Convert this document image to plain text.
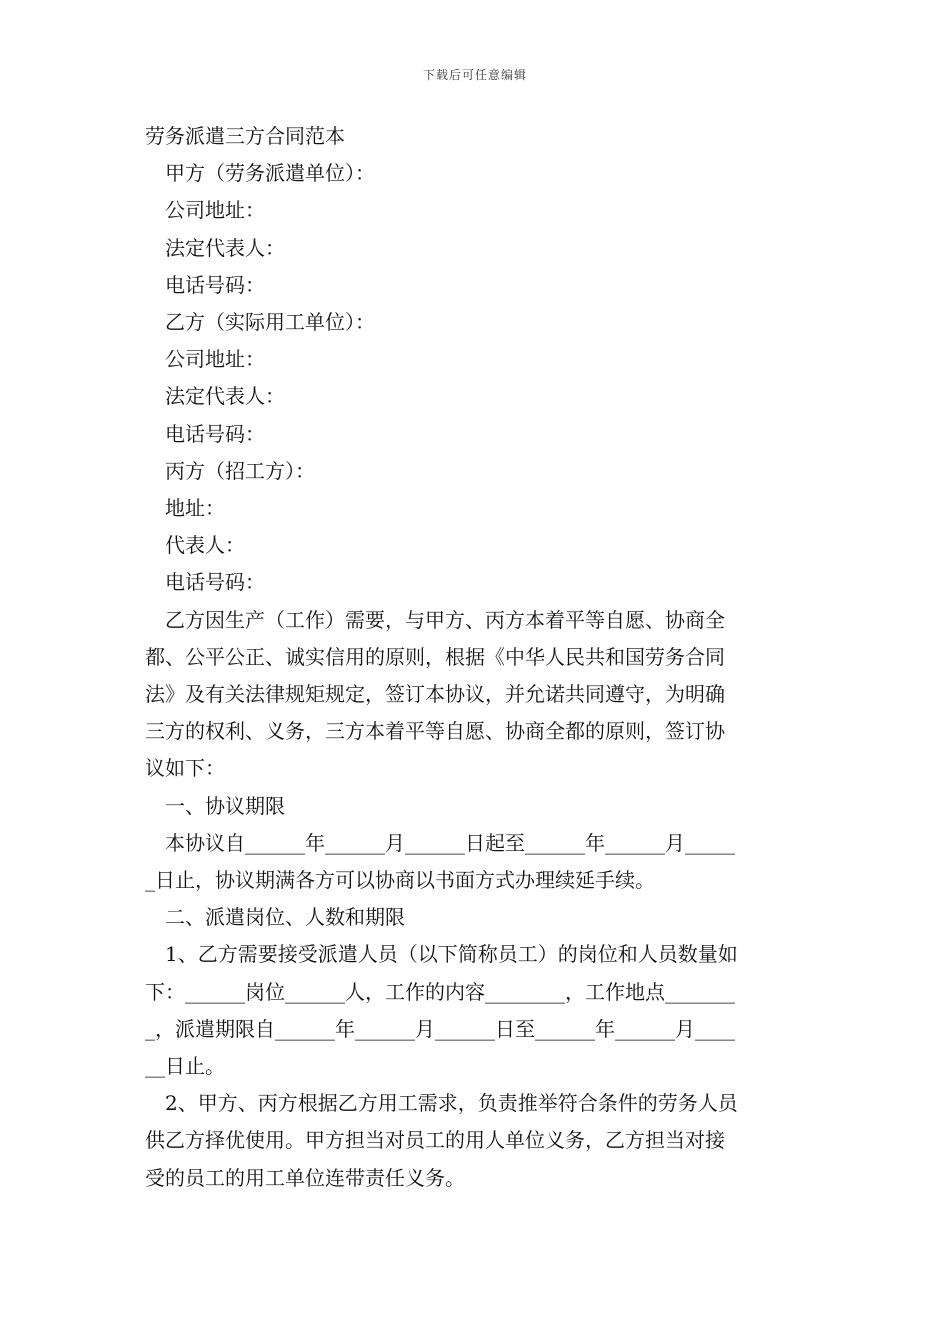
下载后可任意编辑

劳务派遣三方合同范本

甲方（劳务派遣单位）：

公司地址：

法定代表人：

电话号码：

乙方（实际用工单位）：

公司地址：

法定代表人：

电话号码：

丙方（招工方）：

地址：

代表人：

电话号码：

乙方因生产（工作）需要，与甲方、丙方本着平等自愿、协商全

都、公平公正、诚实信用的原则，根据《中华人民共和国劳务合同

法》及有关法律规矩规定，签订本协议，并允诺共同遵守，为明确

三方的权利、义务，三方本着平等自愿、协商全都的原则，签订协

议如下：

一、协议期限

本协议自______年______月______日起至______年______月_____

_日止，协议期满各方可以协商以书面方式办理续延手续。

二、派遣岗位、人数和期限

1、乙方需要接受派遣人员（以下简称员工）的岗位和人员数量如

下：______岗位______人，工作的内容________，工作地点_______

_，派遣期限自______年______月______日至______年______月____

__日止。

2、甲方、丙方根据乙方用工需求，负责推举符合条件的劳务人员

供乙方择优使用。甲方担当对员工的用人单位义务，乙方担当对接

受的员工的用工单位连带责任义务。
